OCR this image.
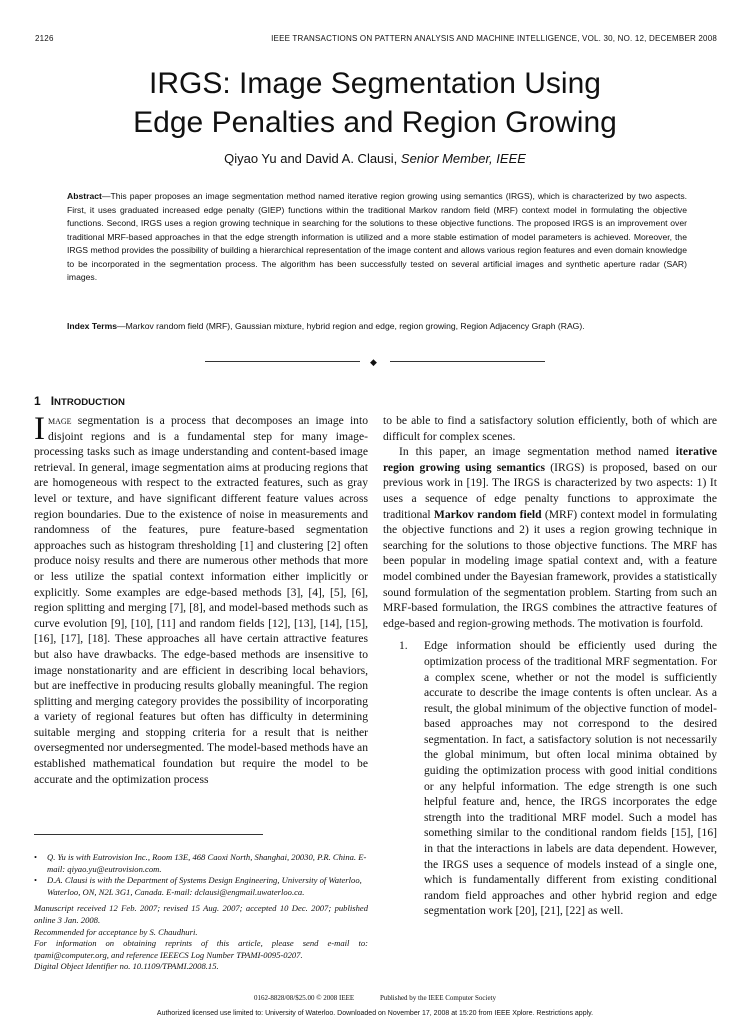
2126	IEEE TRANSACTIONS ON PATTERN ANALYSIS AND MACHINE INTELLIGENCE, VOL. 30, NO. 12, DECEMBER 2008
IRGS: Image Segmentation Using
Edge Penalties and Region Growing
Qiyao Yu and David A. Clausi, Senior Member, IEEE
Abstract—This paper proposes an image segmentation method named iterative region growing using semantics (IRGS), which is characterized by two aspects. First, it uses graduated increased edge penalty (GIEP) functions within the traditional Markov random field (MRF) context model in formulating the objective functions. Second, IRGS uses a region growing technique in searching for the solutions to these objective functions. The proposed IRGS is an improvement over traditional MRF-based approaches in that the edge strength information is utilized and a more stable estimation of model parameters is achieved. Moreover, the IRGS method provides the possibility of building a hierarchical representation of the image content and allows various region features and even domain knowledge to be incorporated in the segmentation process. The algorithm has been successfully tested on several artificial images and synthetic aperture radar (SAR) images.
Index Terms—Markov random field (MRF), Gaussian mixture, hybrid region and edge, region growing, Region Adjacency Graph (RAG).
◆
1 INTRODUCTION

Image segmentation is a process that decomposes an image into disjoint regions and is a fundamental step for many image-processing tasks such as image understanding and content-based image retrieval. In general, image segmentation aims at producing regions that are homogeneous with respect to the extracted features, such as gray level or texture, and have significant different feature values across region boundaries. Due to the existence of noise in measurements and randomness of the features, pure feature-based segmentation approaches such as histogram thresholding [1] and clustering [2] often produce noisy results and there are numerous other methods that more or less utilize the spatial context information either implicitly or explicitly. Some examples are edge-based methods [3], [4], [5], [6], region splitting and merging [7], [8], and model-based methods such as curve evolution [9], [10], [11] and random fields [12], [13], [14], [15], [16], [17], [18]. These approaches all have certain attractive features but also have drawbacks. The edge-based methods are insensitive to image nonstationarity and are efficient in describing local behaviors, but are ineffective in producing results globally meaningful. The region splitting and merging category provides the possibility of incorporating a variety of regional features but often has difficulty in determining suitable merging and stopping criteria for a result that is neither oversegmented nor undersegmented. The model-based methods have an established mathematical foundation but require the model to be accurate and the optimization process

• Q. Yu is with Eutrovision Inc., Room 13E, 468 Caoxi North, Shanghai, 20030, P.R. China. E-mail: qiyao.yu@eutrovision.com.
• D.A. Clausi is with the Department of Systems Design Engineering, University of Waterloo, Waterloo, ON, N2L 3G1, Canada. E-mail: dclausi@engmail.uwaterloo.ca.
Manuscript received 12 Feb. 2007; revised 15 Aug. 2007; accepted 10 Dec. 2007; published online 3 Jan. 2008.
Recommended for acceptance by S. Chaudhuri.
For information on obtaining reprints of this article, please send e-mail to: tpami@computer.org, and reference IEEECS Log Number TPAMI-0095-0207.
Digital Object Identifier no. 10.1109/TPAMI.2008.15.

to be able to find a satisfactory solution efficiently, both of which are difficult for complex scenes.

In this paper, an image segmentation method named iterative region growing using semantics (IRGS) is proposed, based on our previous work in [19]. The IRGS is characterized by two aspects: 1) It uses a sequence of edge penalty functions to approximate the traditional Markov random field (MRF) context model in formulating the objective functions and 2) it uses a region growing technique in searching for the solutions to those objective functions. The MRF has been popular in modeling image spatial context and, with a feature model combined under the Bayesian framework, provides a statistically sound formulation of the segmentation problem. Starting from such an MRF-based formulation, the IRGS combines the attractive features of edge-based and region-growing methods. The motivation is fourfold.

1. Edge information should be efficiently used during the optimization process of the traditional MRF segmentation. For a complex scene, whether or not the model is sufficiently accurate to describe the image contents is often unclear. As a result, the global minimum of the objective function of model-based approaches may not correspond to the desired segmentation. In fact, a satisfactory solution is not necessarily the global minimum, but often local minima obtained by guiding the optimization process with good initial conditions or any helpful information. The edge strength is one such helpful feature and, hence, the IRGS incorporates the edge strength into the traditional MRF model. Such a model has something similar to the conditional random fields [15], [16] in that the interactions in labels are data dependent. However, the IRGS uses a sequence of models instead of a single one, which is fundamentally different from existing conditional random field approaches and other hybrid region and edge segmentation work [20], [21], [22] as well.
0162-8828/08/$25.00 © 2008 IEEE	Published by the IEEE Computer Society
Authorized licensed use limited to: University of Waterloo. Downloaded on November 17, 2008 at 15:20 from IEEE Xplore. Restrictions apply.
